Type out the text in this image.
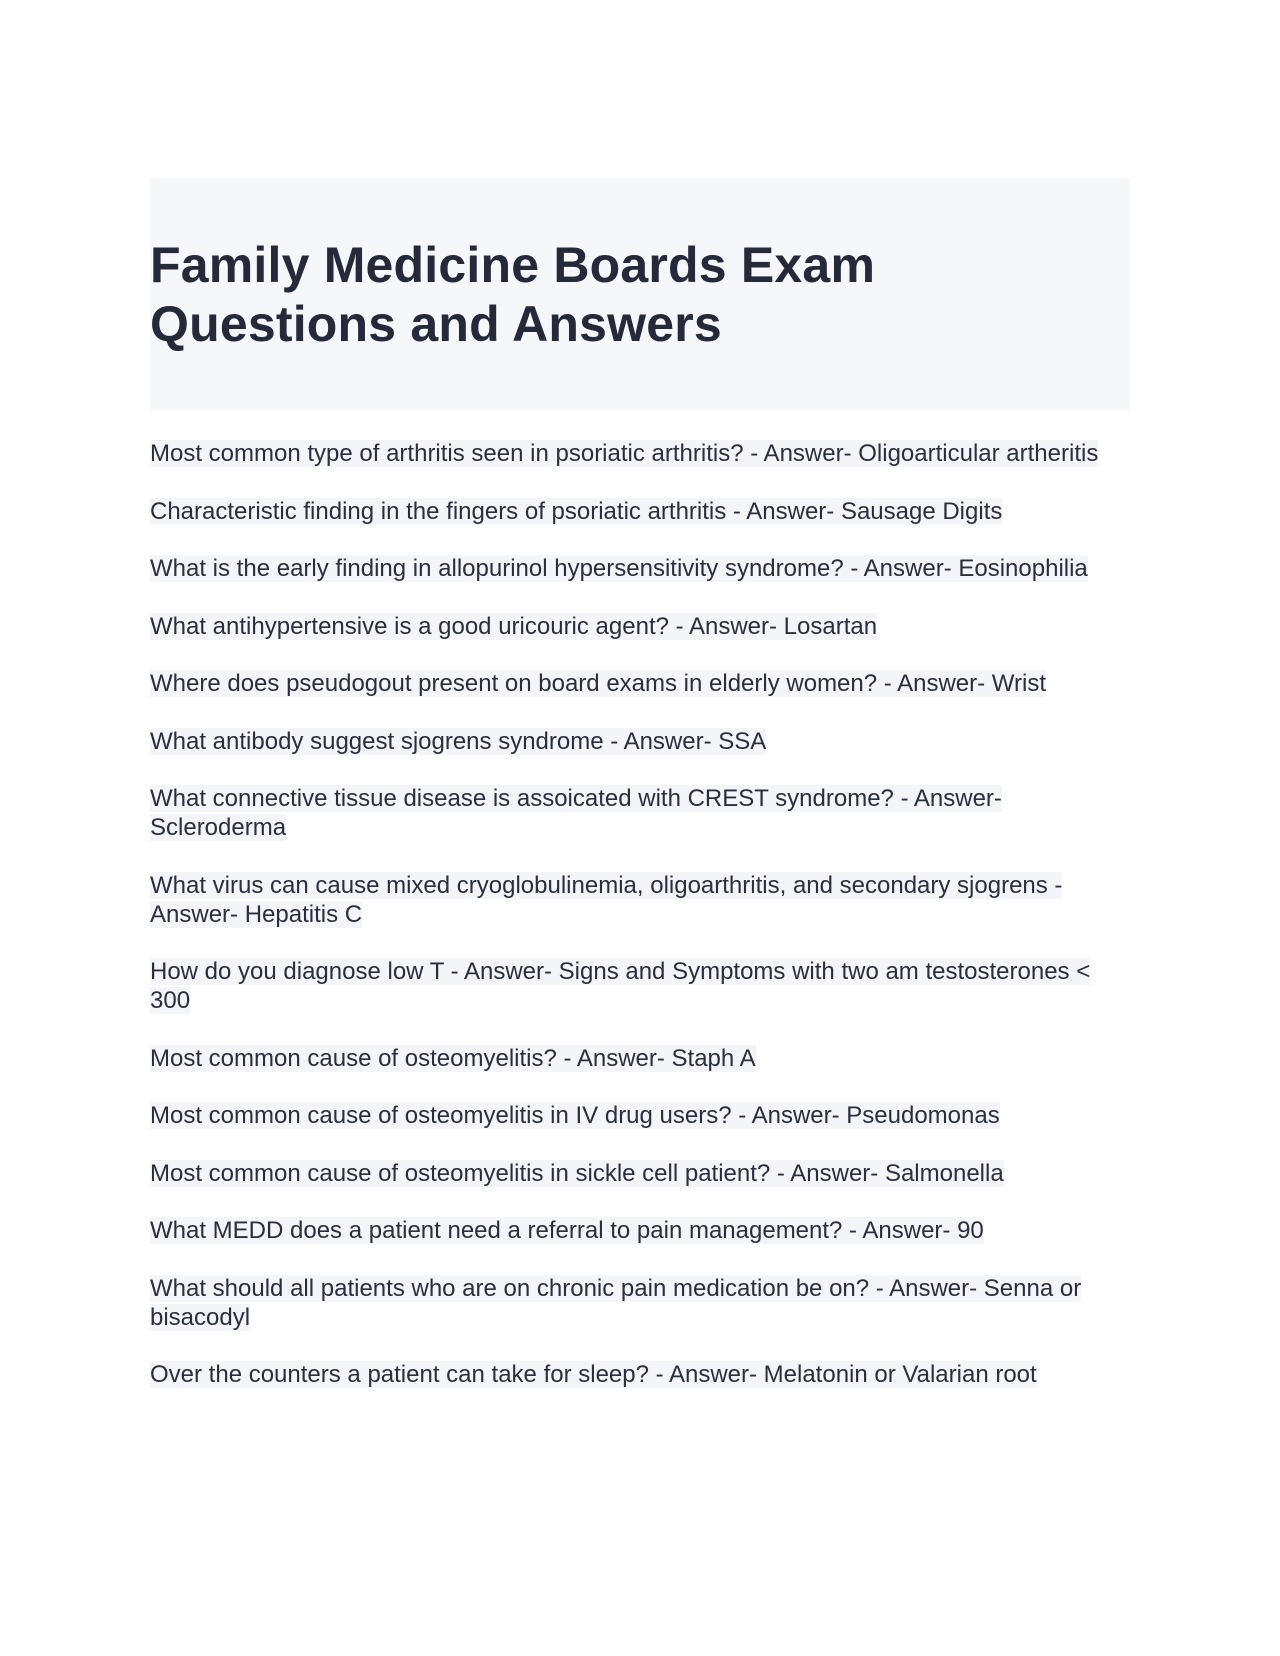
Family Medicine Boards Exam Questions and Answers

Most common type of arthritis seen in psoriatic arthritis? - Answer- Oligoarticular artheritis

Characteristic finding in the fingers of psoriatic arthritis - Answer- Sausage Digits

What is the early finding in allopurinol hypersensitivity syndrome? - Answer- Eosinophilia

What antihypertensive is a good uricouric agent? - Answer- Losartan

Where does pseudogout present on board exams in elderly women? - Answer- Wrist

What antibody suggest sjogrens syndrome - Answer- SSA

What connective tissue disease is assoicated with CREST syndrome? - Answer- Scleroderma

What virus can cause mixed cryoglobulinemia, oligoarthritis, and secondary sjogrens - Answer- Hepatitis C

How do you diagnose low T - Answer- Signs and Symptoms with two am testosterones < 300

Most common cause of osteomyelitis? - Answer- Staph A

Most common cause of osteomyelitis in IV drug users? - Answer- Pseudomonas

Most common cause of osteomyelitis in sickle cell patient? - Answer- Salmonella

What MEDD does a patient need a referral to pain management? - Answer- 90

What should all patients who are on chronic pain medication be on? - Answer- Senna or bisacodyl

Over the counters a patient can take for sleep? - Answer- Melatonin or Valarian root
